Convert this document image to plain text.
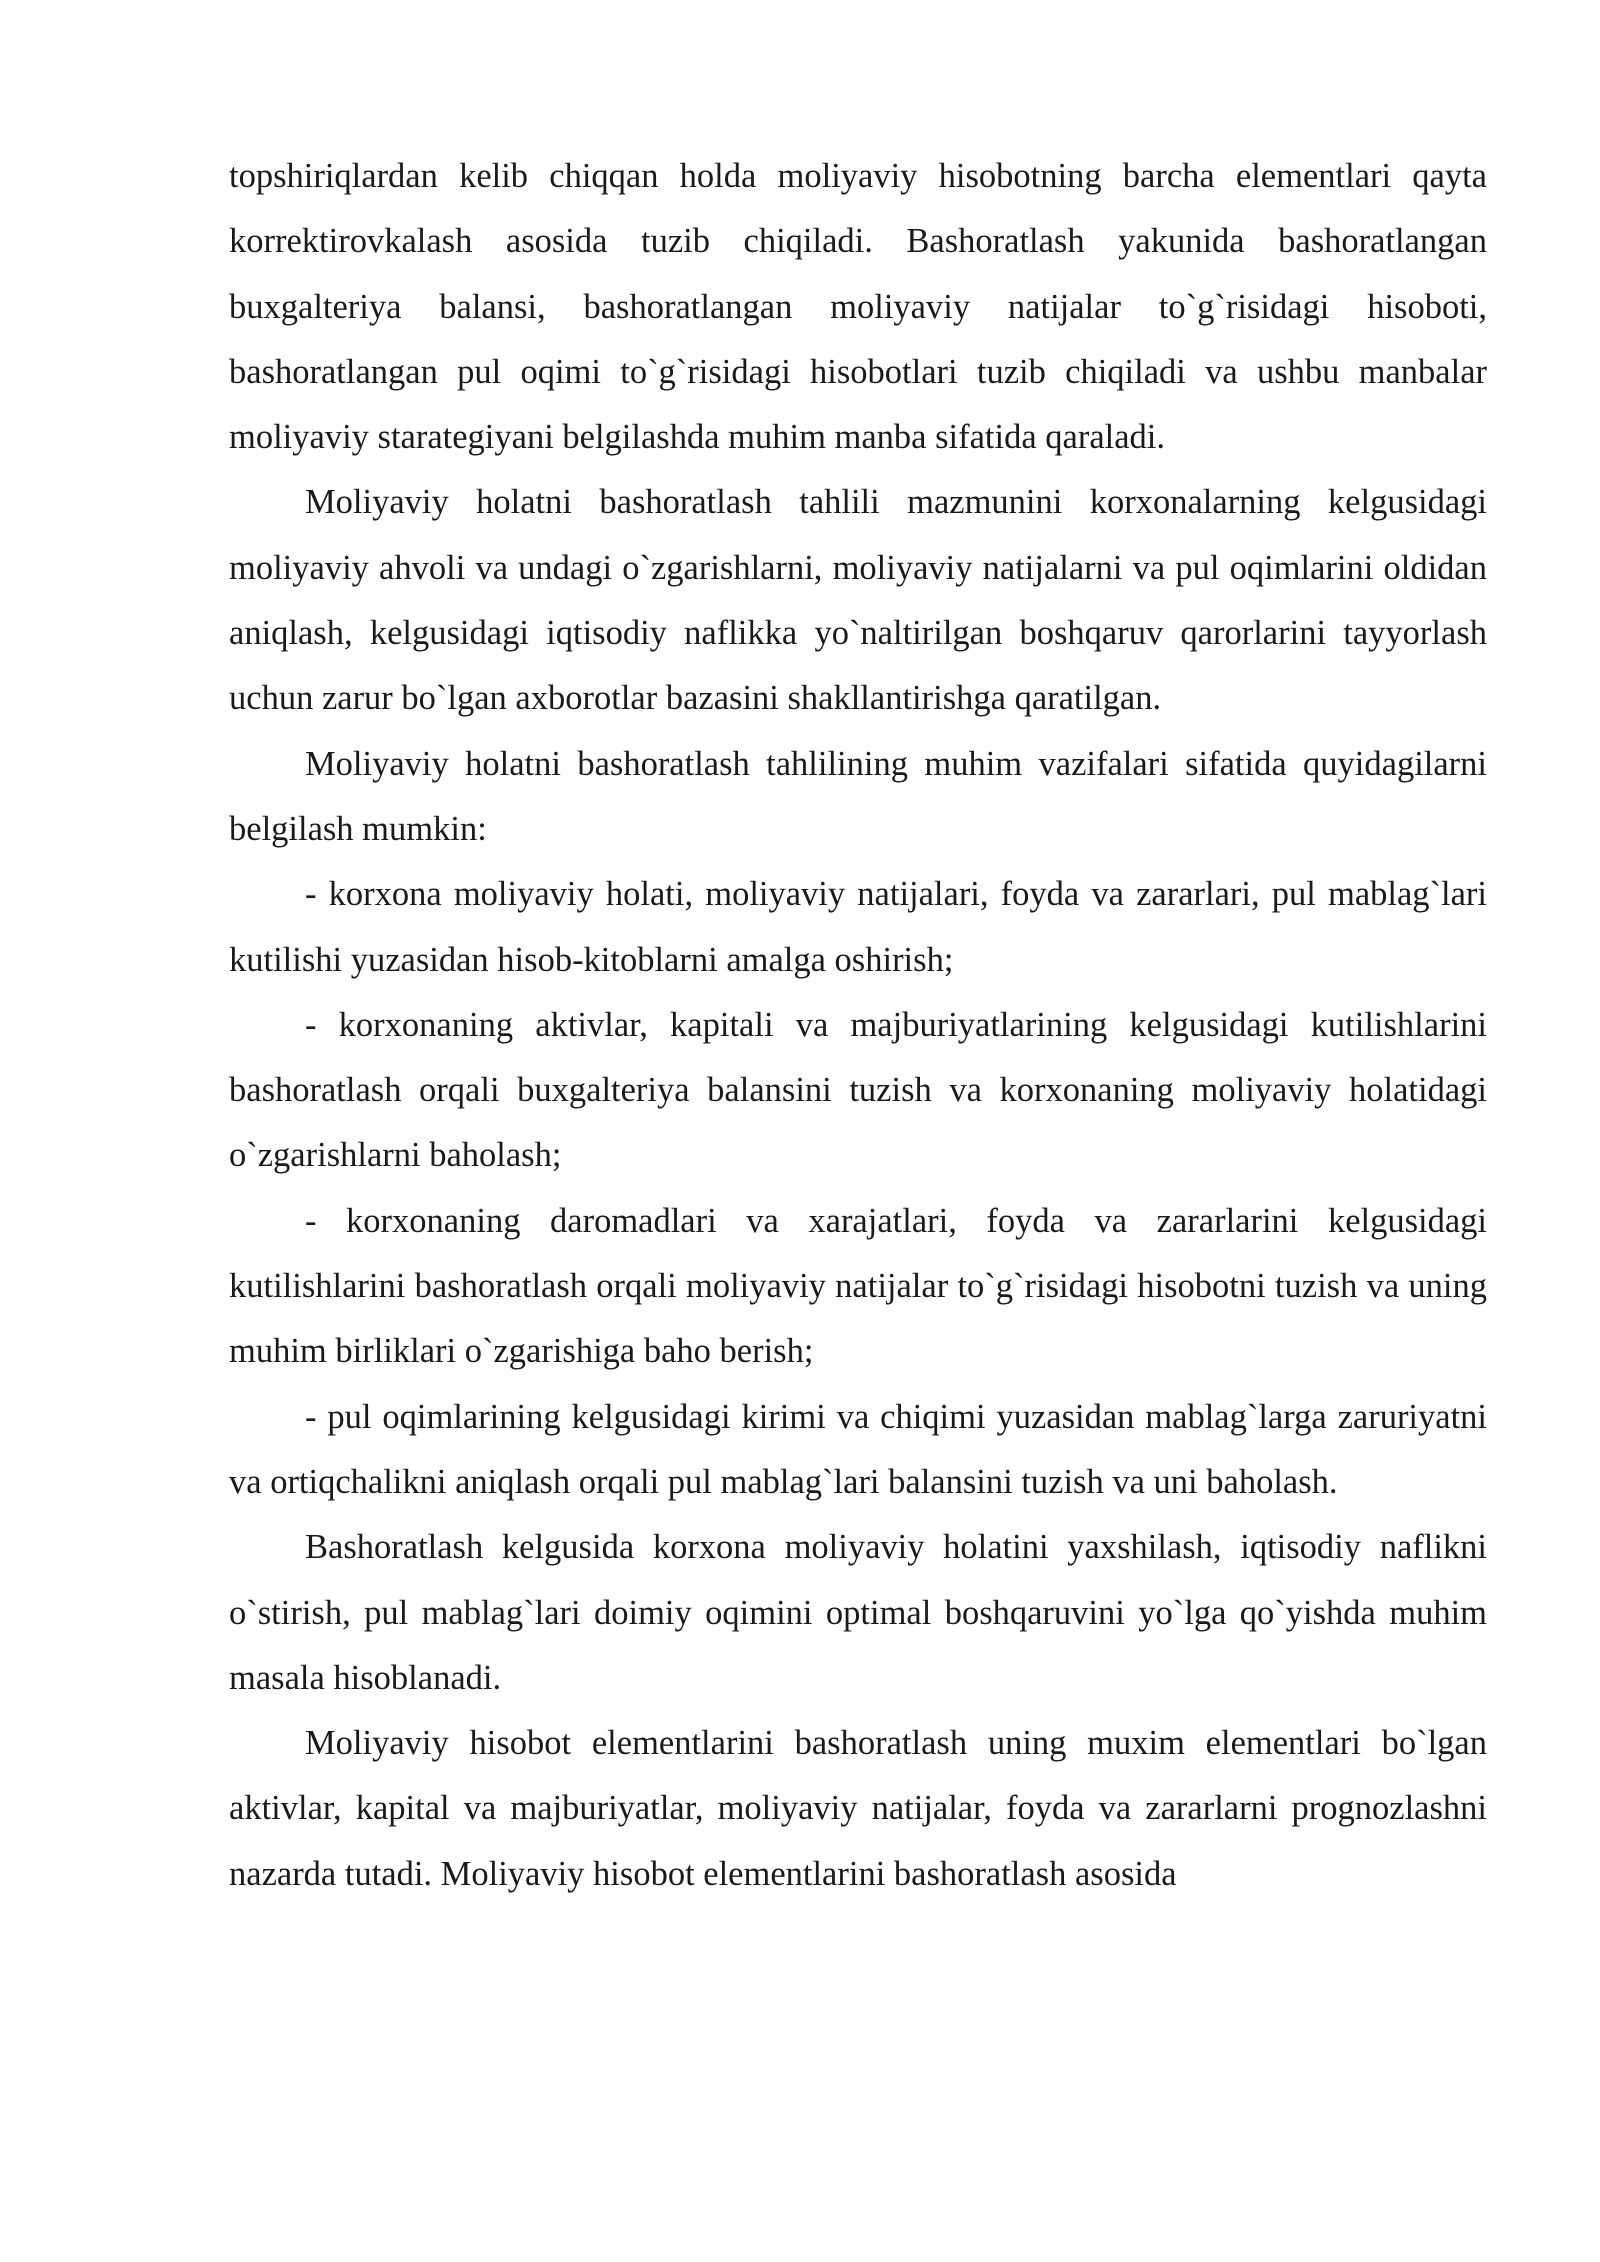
topshiriqlardan kelib chiqqan holda moliyaviy hisobotning barcha elementlari qayta korrektirovkalash asosida tuzib chiqiladi. Bashoratlash yakunida bashoratlangan buxgalteriya balansi, bashoratlangan moliyaviy natijalar to`g`risidagi hisoboti, bashoratlangan pul oqimi to`g`risidagi hisobotlari tuzib chiqiladi va ushbu manbalar moliyaviy starategiyani belgilashda muhim manba sifatida qaraladi.

Moliyaviy holatni bashoratlash tahlili mazmunini korxonalarning kelgusidagi moliyaviy ahvoli va undagi o`zgarishlarni, moliyaviy natijalarni va pul oqimlarini oldidan aniqlash, kelgusidagi iqtisodiy naflikka yo`naltirilgan boshqaruv qarorlarini tayyorlash uchun zarur bo`lgan axborotlar bazasini shakllantirishga qaratilgan.

Moliyaviy holatni bashoratlash tahlilining muhim vazifalari sifatida quyidagilarni belgilash mumkin:

- korxona moliyaviy holati, moliyaviy natijalari, foyda va zararlari, pul mablag`lari kutilishi yuzasidan hisob-kitoblarni amalga oshirish;

- korxonaning aktivlar, kapitali va majburiyatlarining kelgusidagi kutilishlarini bashoratlash orqali buxgalteriya balansini tuzish va korxonaning moliyaviy holatidagi o`zgarishlarni baholash;

- korxonaning daromadlari va xarajatlari, foyda va zararlarini kelgusidagi kutilishlarini bashoratlash orqali moliyaviy natijalar to`g`risidagi hisobotni tuzish va uning muhim birliklari o`zgarishiga baho berish;

- pul oqimlarining kelgusidagi kirimi va chiqimi yuzasidan mablag`larga zaruriyatni va ortiqchalikni aniqlash orqali pul mablag`lari balansini tuzish va uni baholash.

Bashoratlash kelgusida korxona moliyaviy holatini yaxshilash, iqtisodiy naflikni o`stirish, pul mablag`lari doimiy oqimini optimal boshqaruvini yo`lga qo`yishda muhim masala hisoblanadi.

Moliyaviy hisobot elementlarini bashoratlash uning muxim elementlari bo`lgan aktivlar, kapital va majburiyatlar, moliyaviy natijalar, foyda va zararlarni prognozlashni nazarda tutadi. Moliyaviy hisobot elementlarini bashoratlash asosida
